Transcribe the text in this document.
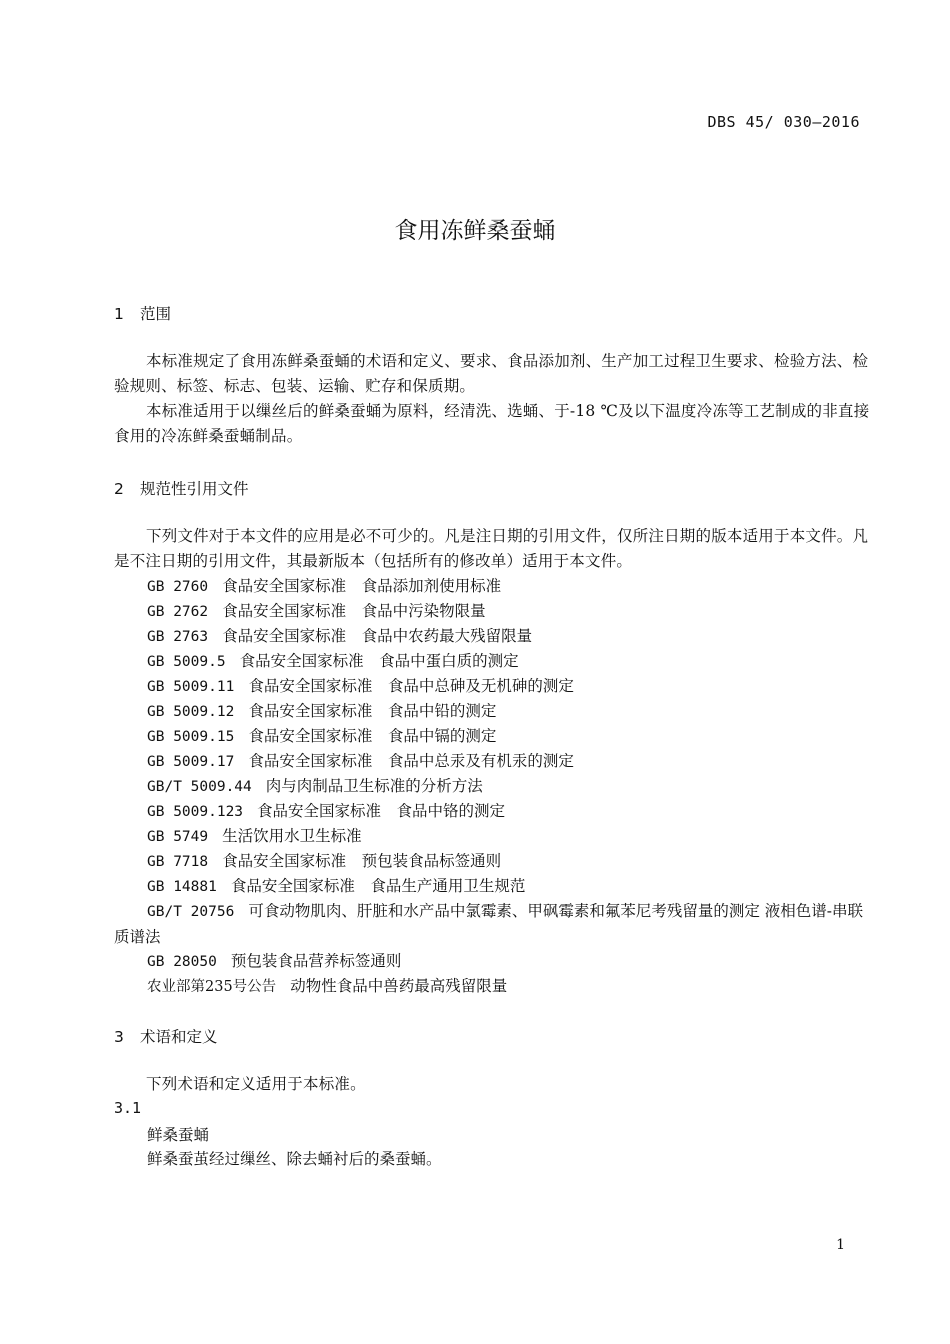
DBS 45/ 030—2016
食用冻鲜桑蚕蛹
1 范围
本标准规定了食用冻鲜桑蚕蛹的术语和定义、要求、食品添加剂、生产加工过程卫生要求、检验方法、检验规则、标签、标志、包装、运输、贮存和保质期。
本标准适用于以缫丝后的鲜桑蚕蛹为原料，经清洗、选蛹、于-18 ℃及以下温度冷冻等工艺制成的非直接食用的冷冻鲜桑蚕蛹制品。
2 规范性引用文件
下列文件对于本文件的应用是必不可少的。凡是注日期的引用文件，仅所注日期的版本适用于本文件。凡是不注日期的引用文件，其最新版本（包括所有的修改单）适用于本文件。
GB 2760 食品安全国家标准　食品添加剂使用标准
GB 2762 食品安全国家标准　食品中污染物限量
GB 2763 食品安全国家标准　食品中农药最大残留限量
GB 5009.5 食品安全国家标准　食品中蛋白质的测定
GB 5009.11 食品安全国家标准　食品中总砷及无机砷的测定
GB 5009.12 食品安全国家标准　食品中铅的测定
GB 5009.15 食品安全国家标准　食品中镉的测定
GB 5009.17 食品安全国家标准　食品中总汞及有机汞的测定
GB/T 5009.44 肉与肉制品卫生标准的分析方法
GB 5009.123 食品安全国家标准　食品中铬的测定
GB 5749 生活饮用水卫生标准
GB 7718 食品安全国家标准　预包装食品标签通则
GB 14881 食品安全国家标准　食品生产通用卫生规范
GB/T 20756 可食动物肌肉、肝脏和水产品中氯霉素、甲砜霉素和氟苯尼考残留量的测定 液相色谱-串联质谱法
GB 28050 预包装食品营养标签通则
农业部第235号公告 动物性食品中兽药最高残留限量
3 术语和定义
下列术语和定义适用于本标准。
3.1
鲜桑蚕蛹
鲜桑蚕茧经过缫丝、除去蛹衬后的桑蚕蛹。
1
